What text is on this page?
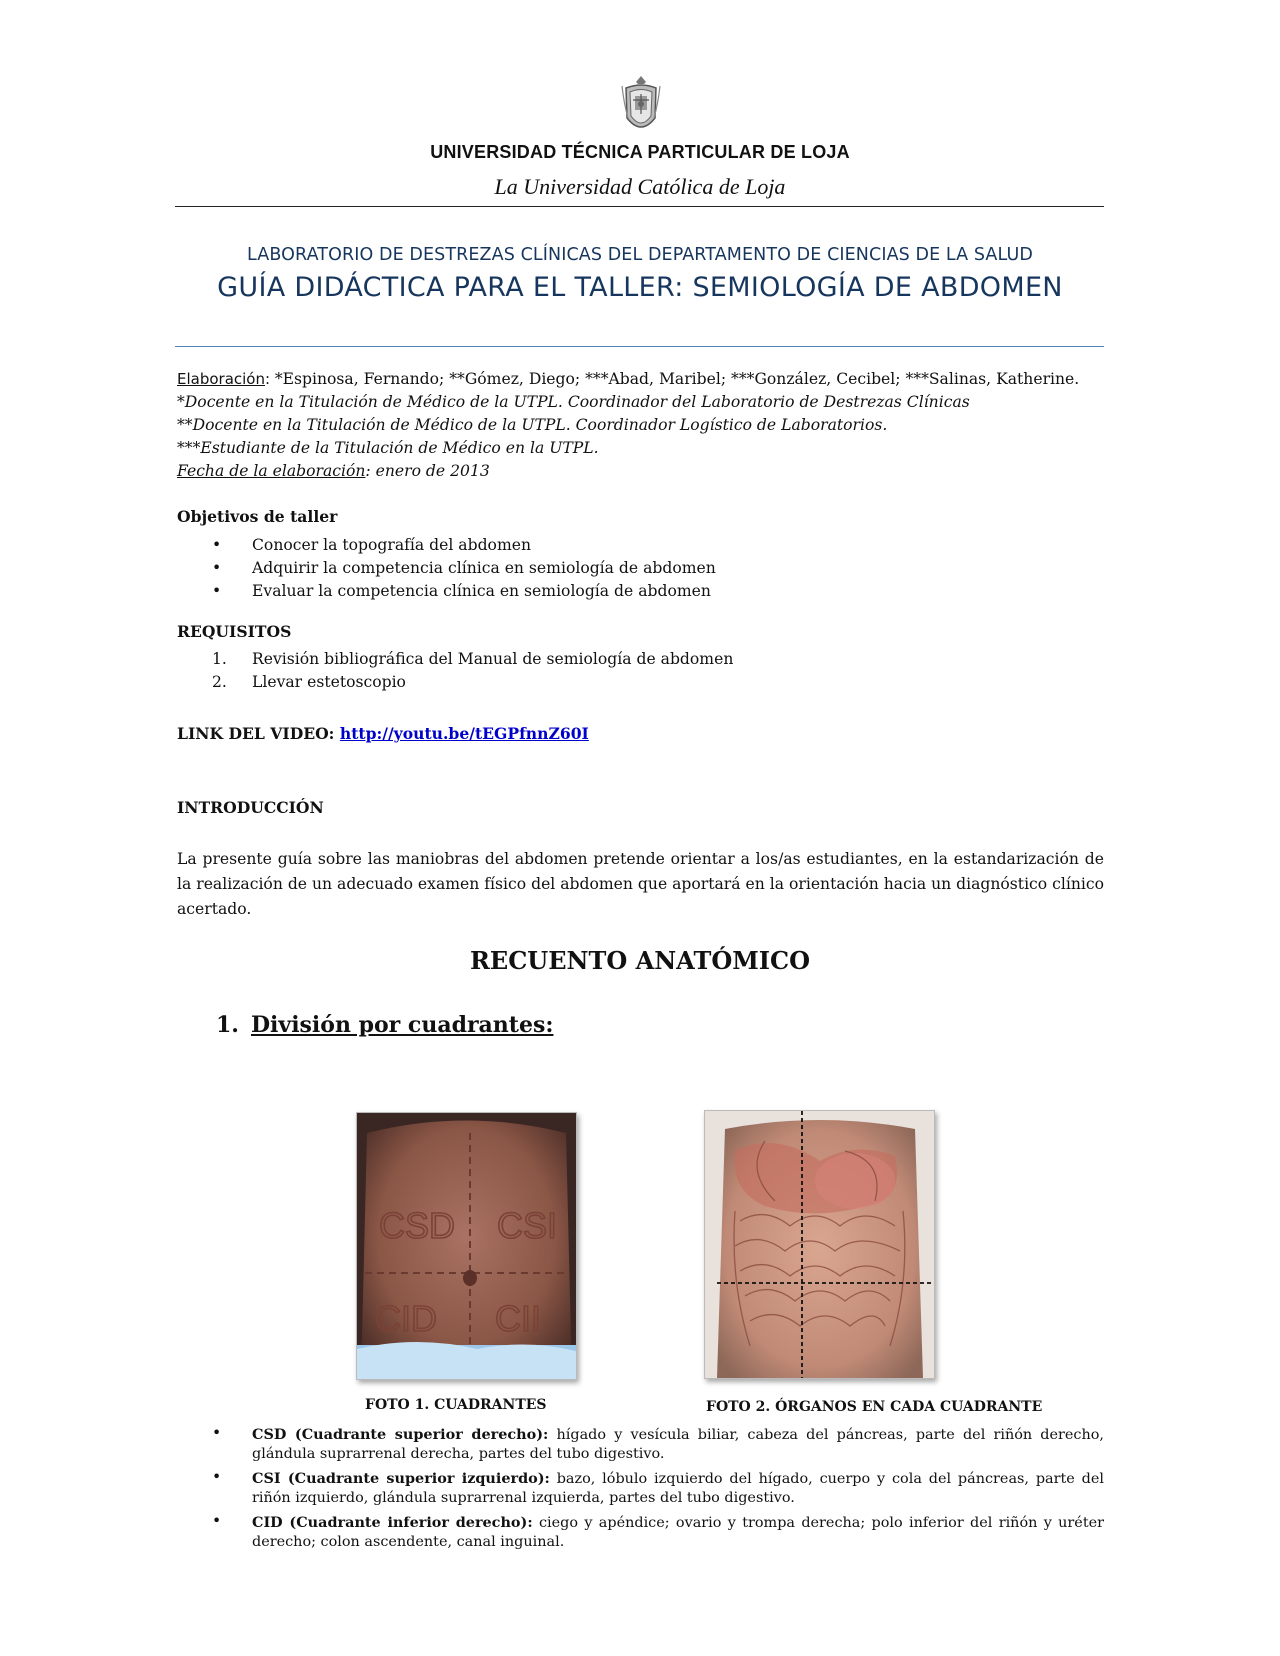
UNIVERSIDAD TÉCNICA PARTICULAR DE LOJA
La Universidad Católica de Loja
LABORATORIO DE DESTREZAS CLÍNICAS DEL DEPARTAMENTO DE CIENCIAS DE LA SALUD
GUÍA DIDÁCTICA PARA EL TALLER: SEMIOLOGÍA DE ABDOMEN
Elaboración: *Espinosa, Fernando; **Gómez, Diego; ***Abad, Maribel; ***González, Cecibel; ***Salinas, Katherine.
*Docente en la Titulación de Médico de la UTPL. Coordinador del Laboratorio de Destrezas Clínicas
**Docente en la Titulación de Médico de la UTPL. Coordinador Logístico de Laboratorios.
***Estudiante de la Titulación de Médico en la UTPL.
Fecha de la elaboración: enero de 2013
Objetivos de taller
• Conocer la topografía del abdomen
• Adquirir la competencia clínica en semiología de abdomen
• Evaluar la competencia clínica en semiología de abdomen
REQUISITOS
1. Revisión bibliográfica del Manual de semiología de abdomen
2. Llevar estetoscopio
LINK DEL VIDEO: http://youtu.be/tEGPfnnZ60I
INTRODUCCIÓN
La presente guía sobre las maniobras del abdomen pretende orientar a los/as estudiantes, en la estandarización de la realización de un adecuado examen físico del abdomen que aportará en la orientación hacia un diagnóstico clínico acertado.
RECUENTO ANATÓMICO
1. División por cuadrantes:
CSD CSI
CID CII
FOTO 1. CUADRANTES	FOTO 2. ÓRGANOS EN CADA CUADRANTE
• CSD (Cuadrante superior derecho): hígado y vesícula biliar, cabeza del páncreas, parte del riñón derecho, glándula suprarrenal derecha, partes del tubo digestivo.
• CSI (Cuadrante superior izquierdo): bazo, lóbulo izquierdo del hígado, cuerpo y cola del páncreas, parte del riñón izquierdo, glándula suprarrenal izquierda, partes del tubo digestivo.
• CID (Cuadrante inferior derecho): ciego y apéndice; ovario y trompa derecha; polo inferior del riñón y uréter derecho; colon ascendente, canal inguinal.
